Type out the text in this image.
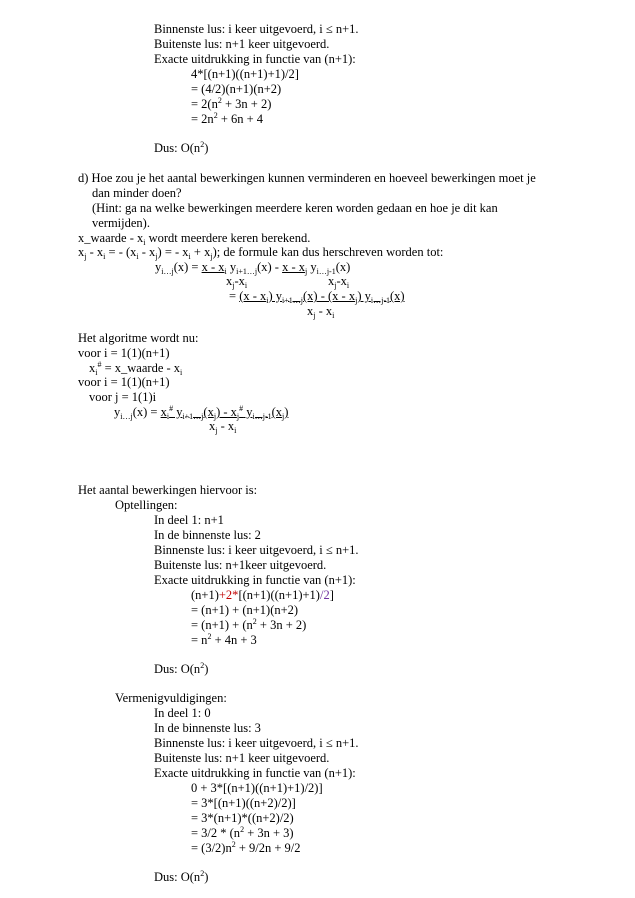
Binnenste lus: i keer uitgevoerd, i ≤ n+1.
Buitenste lus: n+1 keer uitgevoerd.
Exacte uitdrukking in functie van (n+1):
4*[(n+1)((n+1)+1)/2]
= (4/2)(n+1)(n+2)
= $2(n^2 + 3n + 2)$
= $2n^2 + 6n + 4$
Dus: $O(n^2)$
d) Hoe zou je het aantal bewerkingen kunnen verminderen en hoeveel bewerkingen moet je
dan minder doen?
(Hint: ga na welke bewerkingen meerdere keren worden gedaan en hoe je dit kan
vermijden).
x_waarde - $x_i$ wordt meerdere keren berekend.
$x_j - x_i$ = - $(x_i - x_j)$ = - $x_i + x_j$); de formule kan dus herschreven worden tot:
$y_{i\dots j}(x) = x - x_i$ $y_{i+1\dots j}(x)$ - x - $x_j$ $y_{i\dots j-1}(x)$
$x_j-x_i$	$x_j-x_i$
= $(x - x_i)$ $y_{i+1\dots j}(x) - (x - x_j)$ $y_{i\dots j-1}(x)$
$x_j - x_i$
Het algoritme wordt nu:
voor i = 1(1)(n+1)
$x_i^{\#}$ = x_waarde - $x_i$
voor i = 1(1)(n+1)
voor j = 1(1)i
$y_{i\dots j}(x) = x_i^{\#}$ $y_{i+1\dots j}(x_j) - x_j^{\#}$ $y_{i\dots j-1}(x_j)$
$x_j - x_i$
Het aantal bewerkingen hiervoor is:
Optellingen:
In deel 1: n+1
In de binnenste lus: 2
Binnenste lus: i keer uitgevoerd, i ≤ n+1.
Buitenste lus: n+1keer uitgevoerd.
Exacte uitdrukking in functie van (n+1):
(n+1)+2*[(n+1)((n+1)+1)/2]
= (n+1) + (n+1)(n+2)
= $(n+1) + (n^2 + 3n + 2)$
= $n^2 + 4n + 3$
Dus: $O(n^2)$
Vermenigvuldigingen:
In deel 1: 0
In de binnenste lus: 3
Binnenste lus: i keer uitgevoerd, i ≤ n+1.
Buitenste lus: n+1 keer uitgevoerd.
Exacte uitdrukking in functie van (n+1):
0 + 3*[(n+1)((n+1)+1)/2)]
= 3*[(n+1)((n+2)/2)]
= 3*(n+1)*((n+2)/2)
= $3/2 * (n^2 + 3n + 3)$
= $(3/2)n^2 + 9/2n + 9/2$
Dus: $O(n^2)$
